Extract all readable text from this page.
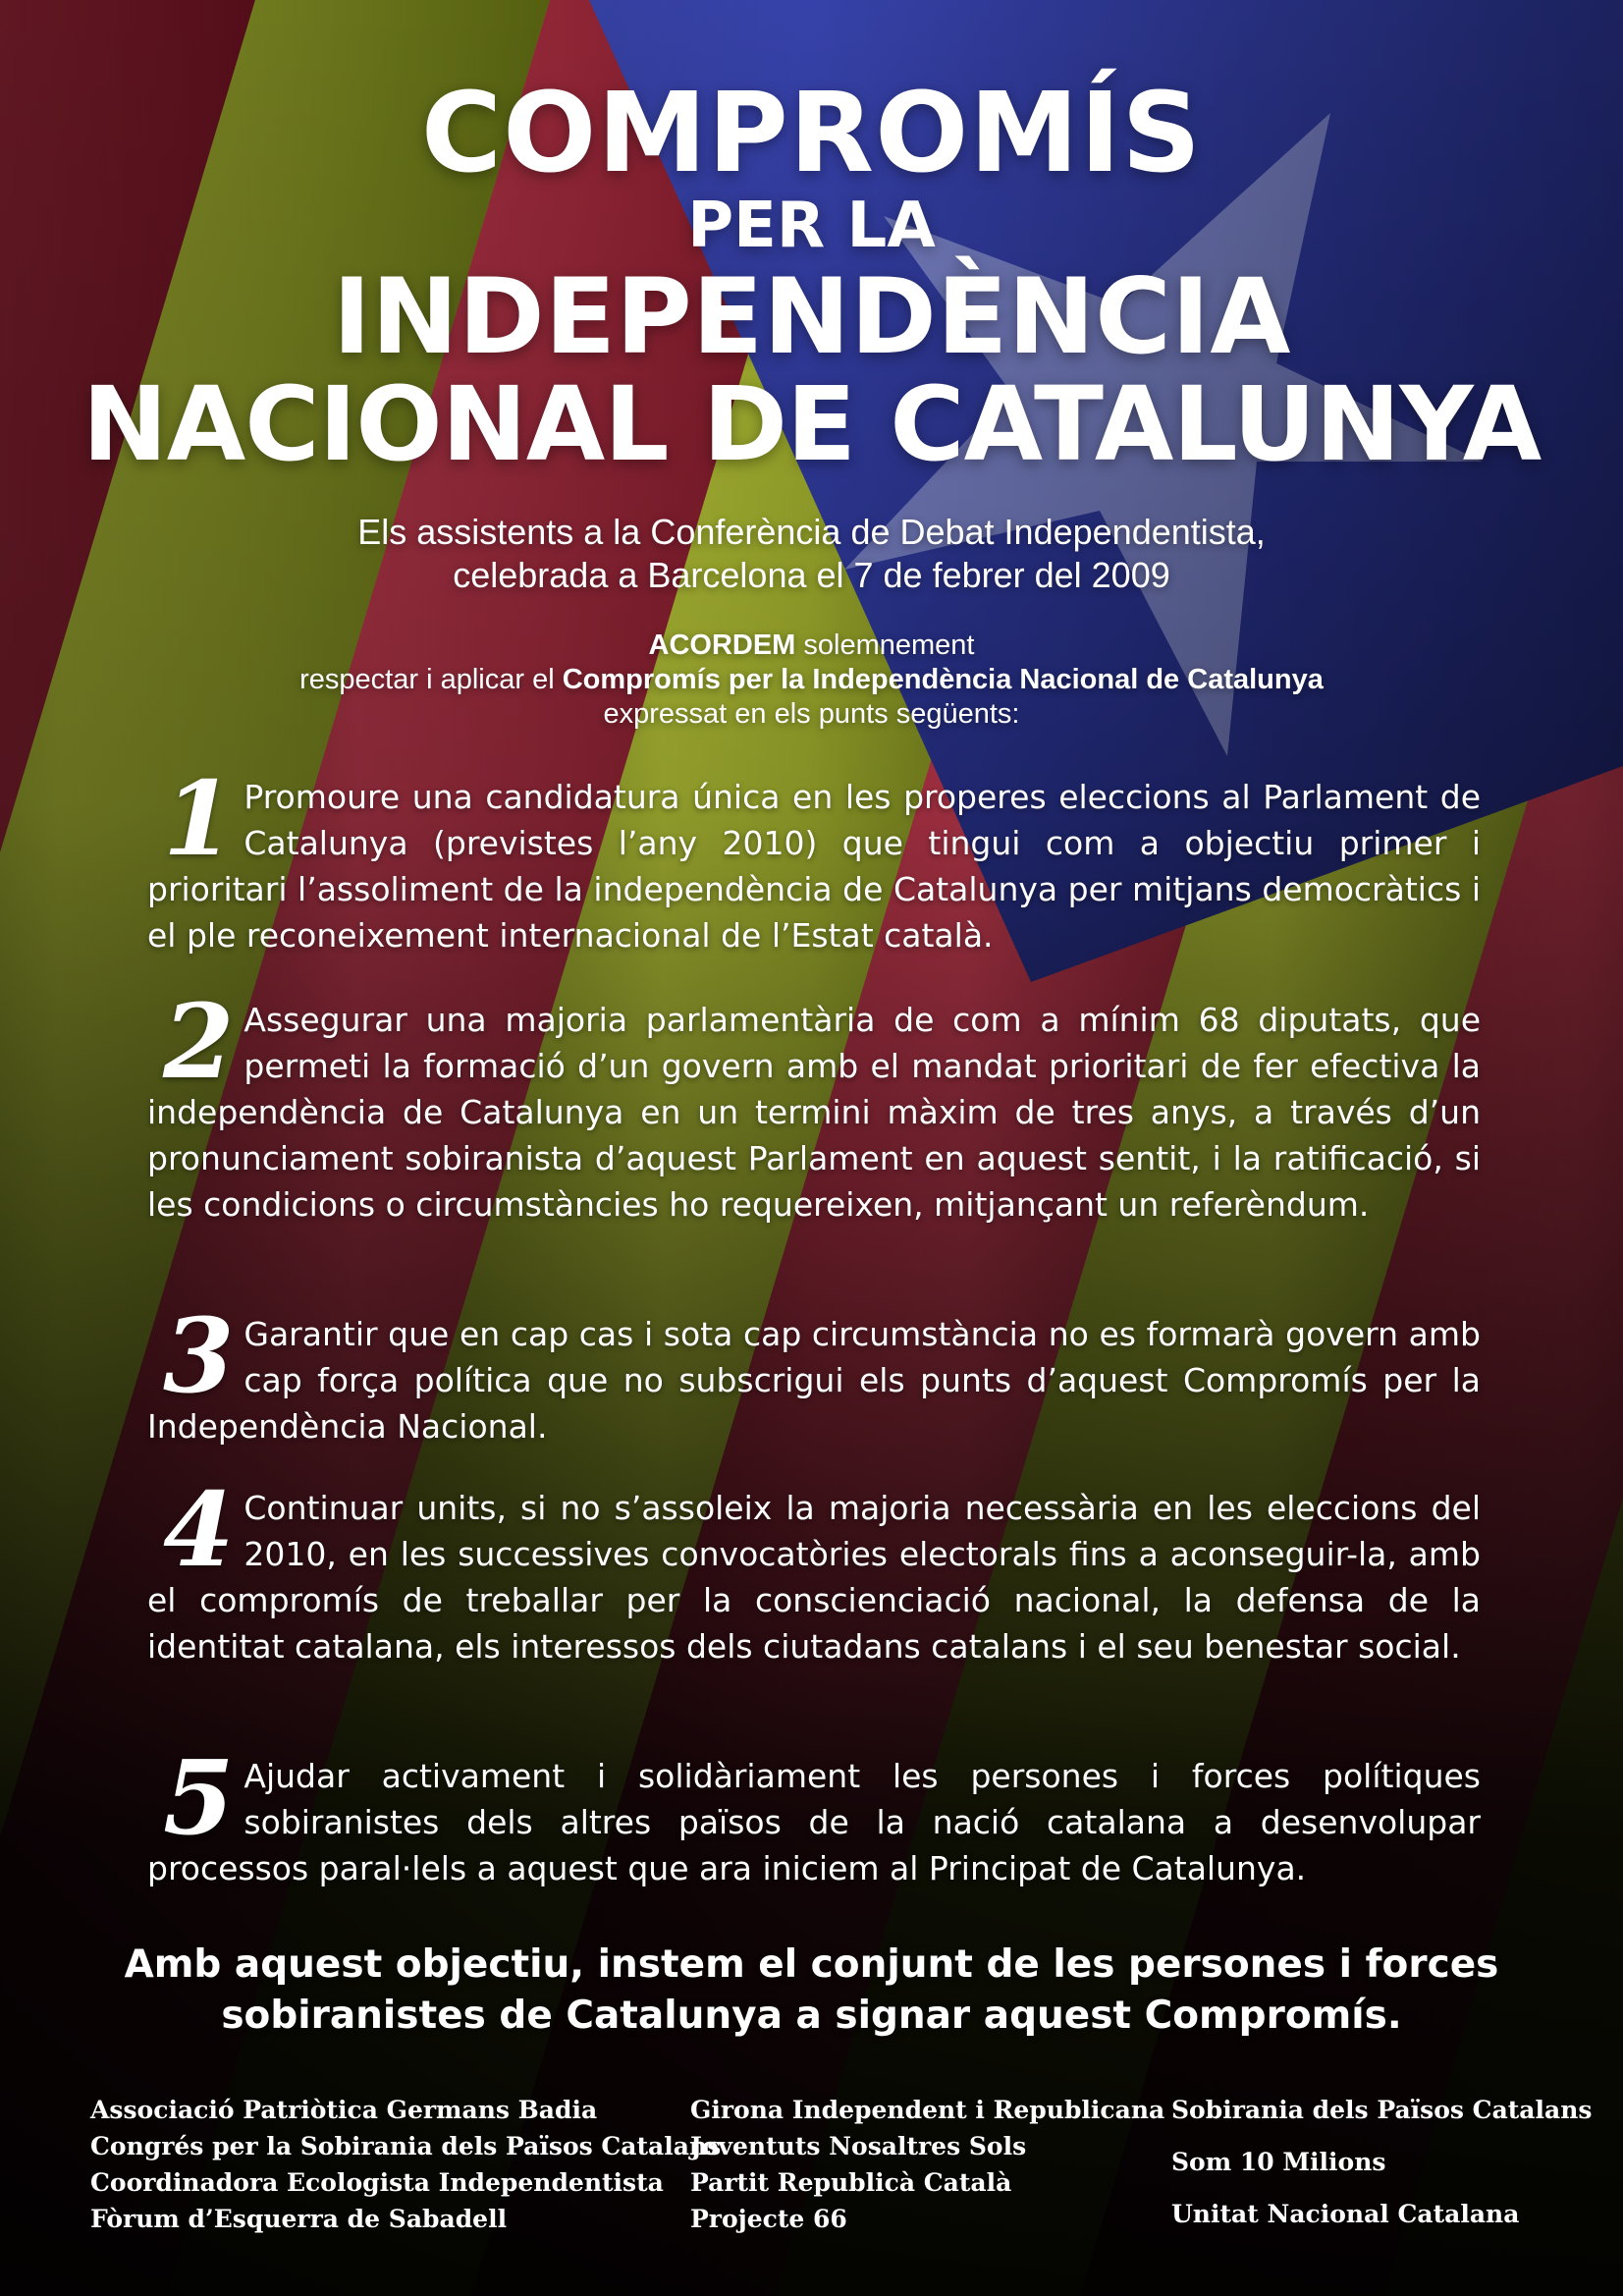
COMPROMÍS
PER LA
INDEPENDÈNCIA
NACIONAL DE CATALUNYA
Els assistents a la Conferència de Debat Independentista,
celebrada a Barcelona el 7 de febrer del 2009
ACORDEM solemnement
respectar i aplicar el Compromís per la Independència Nacional de Catalunya
expressat en els punts següents:
1 Promoure una candidatura única en les properes eleccions al Parlament de Catalunya (previstes l’any 2010) que tingui com a objectiu primer i prioritari l’assoliment de la independència de Catalunya per mitjans democràtics i el ple reconeixement internacional de l’Estat català.
2 Assegurar una majoria parlamentària de com a mínim 68 diputats, que permeti la formació d’un govern amb el mandat prioritari de fer efectiva la independència de Catalunya en un termini màxim de tres anys, a través d’un pronunciament sobiranista d’aquest Parlament en aquest sentit, i la ratificació, si les condicions o circumstàncies ho requereixen, mitjançant un referèndum.
3 Garantir que en cap cas i sota cap circumstància no es formarà govern amb cap força política que no subscrigui els punts d’aquest Compromís per la Independència Nacional.
4 Continuar units, si no s’assoleix la majoria necessària en les eleccions del 2010, en les successives convocatòries electorals fins a aconseguir-la, amb el compromís de treballar per la conscienciació nacional, la defensa de la identitat catalana, els interessos dels ciutadans catalans i el seu benestar social.
5 Ajudar activament i solidàriament les persones i forces polítiques sobiranistes dels altres països de la nació catalana a desenvolupar processos paral·lels a aquest que ara iniciem al Principat de Catalunya.
Amb aquest objectiu, instem el conjunt de les persones i forces
sobiranistes de Catalunya a signar aquest Compromís.
Associació Patriòtica Germans Badia
Congrés per la Sobirania dels Països Catalans
Coordinadora Ecologista Independentista
Fòrum d’Esquerra de Sabadell
Girona Independent i Republicana
Joventuts Nosaltres Sols
Partit Republicà Català
Projecte 66
Sobirania dels Països Catalans
Som 10 Milions
Unitat Nacional Catalana
